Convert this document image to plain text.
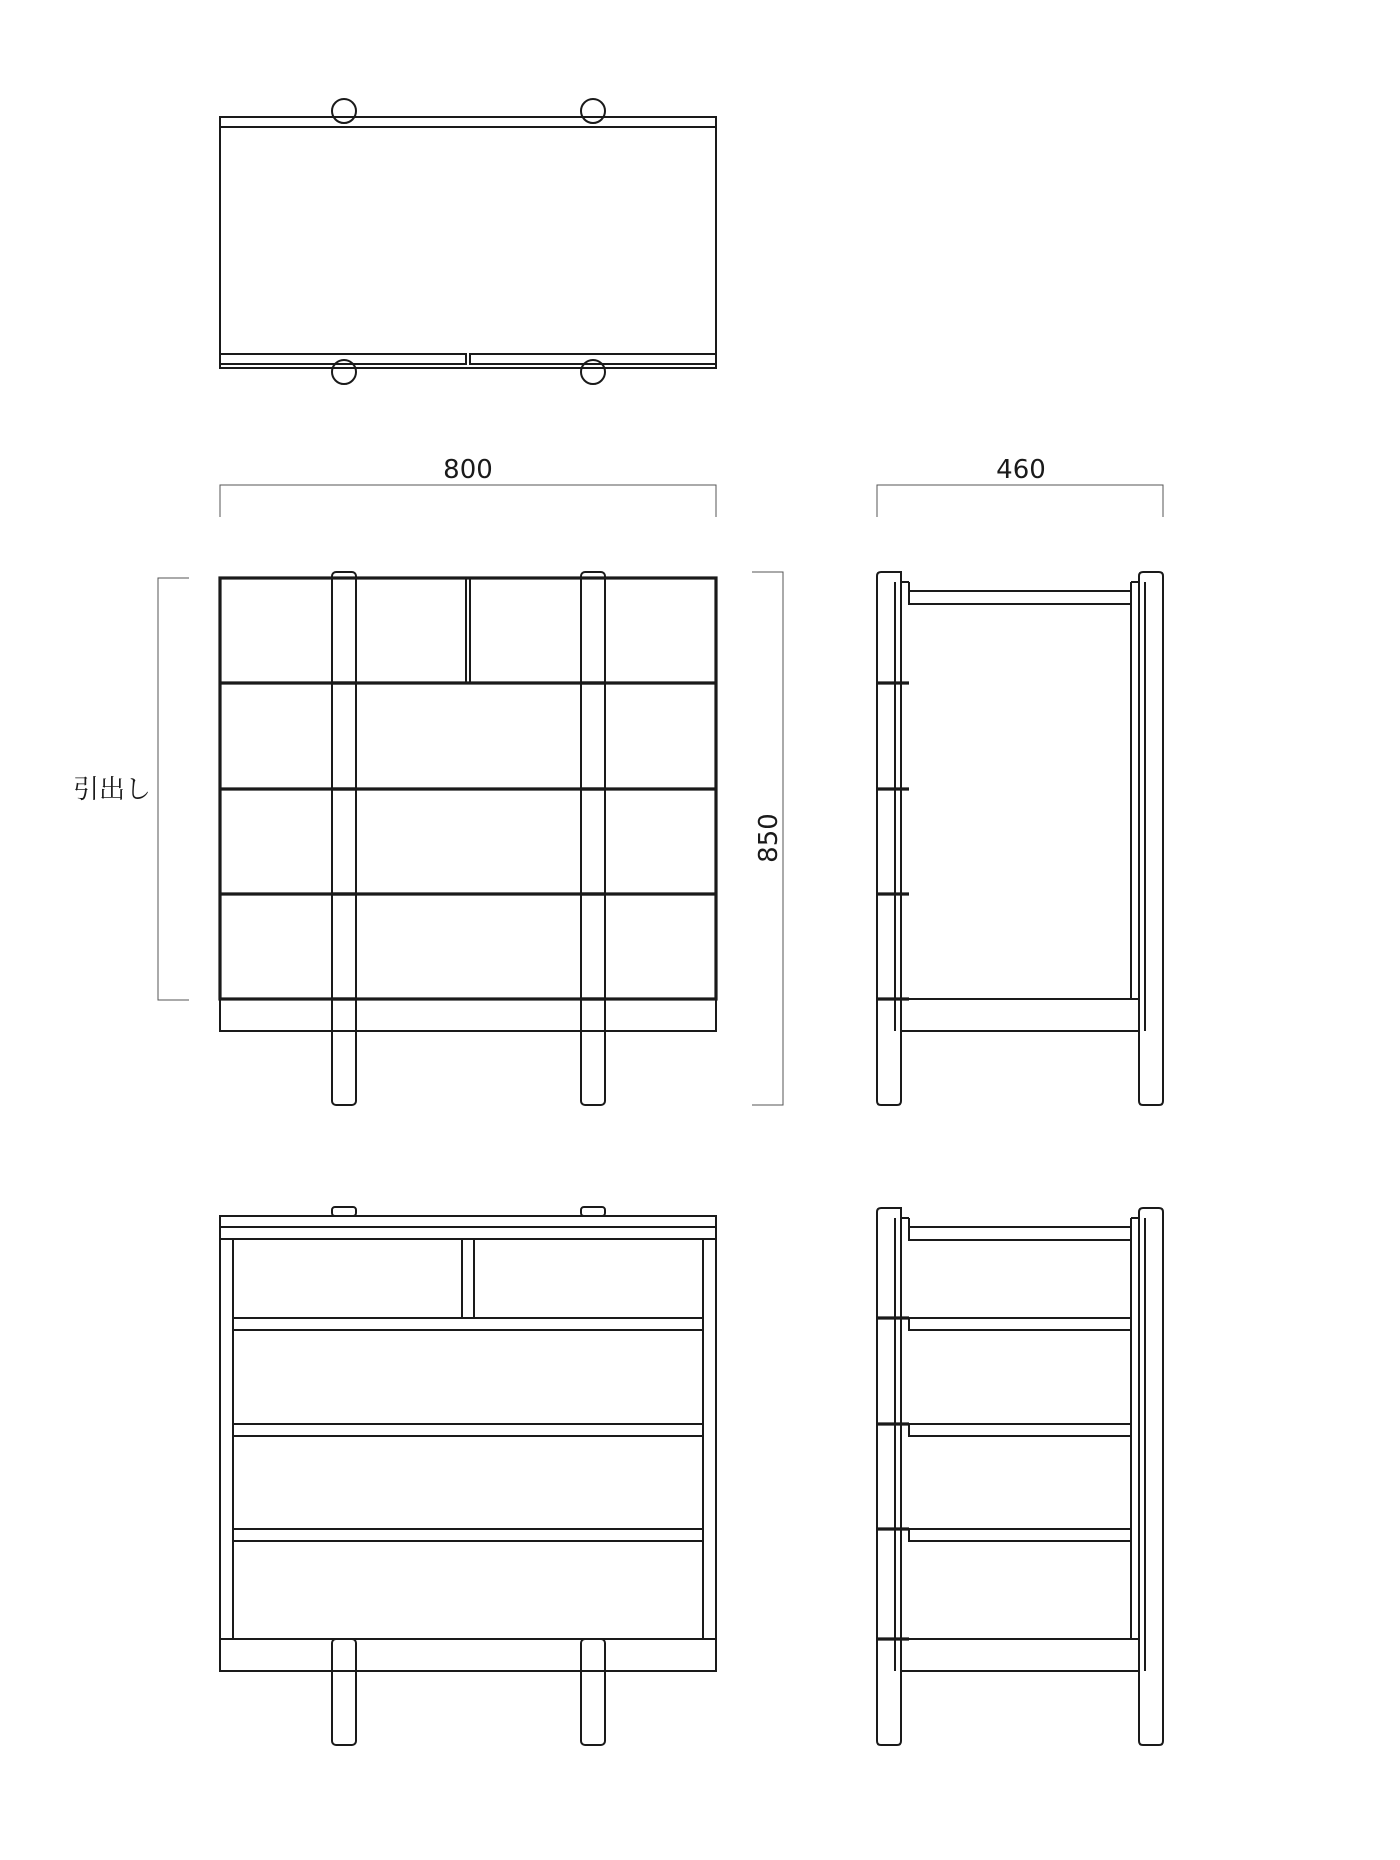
800	460
850
引出し
